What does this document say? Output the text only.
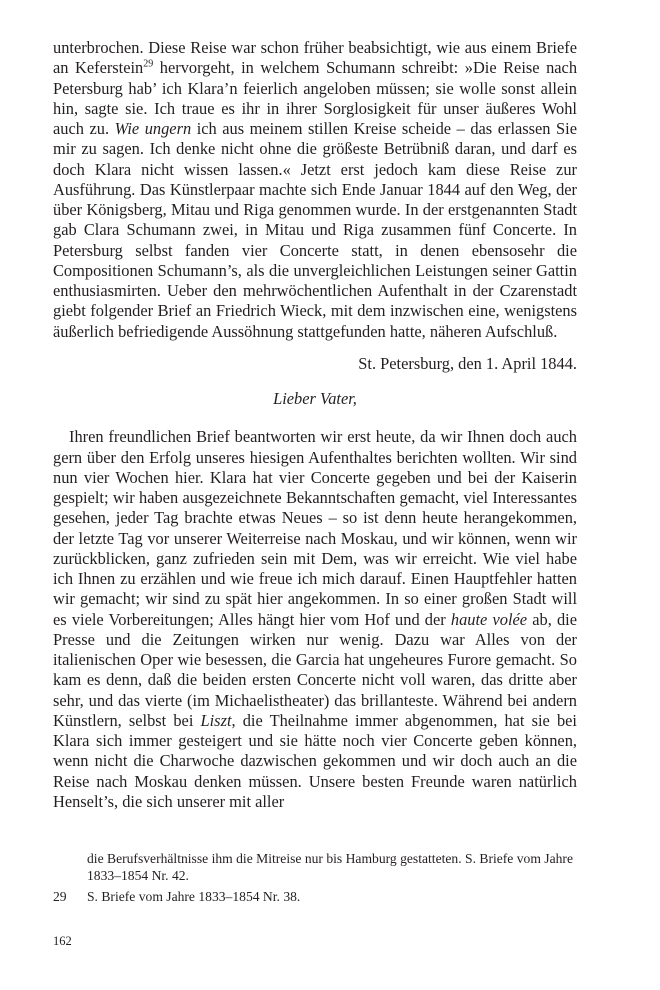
unterbrochen. Diese Reise war schon früher beabsichtigt, wie aus einem Briefe an Keferstein$^{29}$ hervorgeht, in welchem Schumann schreibt: »Die Reise nach Petersburg hab’ ich Klara’n feierlich angeloben müssen; sie wolle sonst allein hin, sagte sie. Ich traue es ihr in ihrer Sorglosigkeit für unser äußeres Wohl auch zu. Wie ungern ich aus meinem stillen Kreise scheide – das erlassen Sie mir zu sagen. Ich denke nicht ohne die größeste Betrübniß daran, und darf es doch Klara nicht wissen lassen.« Jetzt erst jedoch kam diese Reise zur Ausführung. Das Künstlerpaar machte sich Ende Januar 1844 auf den Weg, der über Königsberg, Mitau und Riga genommen wurde. In der erstgenannten Stadt gab Clara Schumann zwei, in Mitau und Riga zusammen fünf Concerte. In Petersburg selbst fanden vier Concerte statt, in denen ebensosehr die Compositionen Schumann’s, als die unvergleichlichen Leistungen seiner Gattin enthusiasmirten. Ueber den mehrwöchentlichen Aufenthalt in der Czarenstadt giebt folgender Brief an Friedrich Wieck, mit dem inzwischen eine, wenigstens äußerlich befriedigende Aussöhnung stattgefunden hatte, näheren Aufschluß.

St. Petersburg, den 1. April 1844.

Lieber Vater,

Ihren freundlichen Brief beantworten wir erst heute, da wir Ihnen doch auch gern über den Erfolg unseres hiesigen Aufenthaltes berichten wollten. Wir sind nun vier Wochen hier. Klara hat vier Concerte gegeben und bei der Kaiserin gespielt; wir haben ausgezeichnete Bekanntschaften gemacht, viel Interessantes gesehen, jeder Tag brachte etwas Neues – so ist denn heute herangekommen, der letzte Tag vor unserer Weiterreise nach Moskau, und wir können, wenn wir zurückblicken, ganz zufrieden sein mit Dem, was wir erreicht. Wie viel habe ich Ihnen zu erzählen und wie freue ich mich darauf. Einen Hauptfehler hatten wir gemacht; wir sind zu spät hier angekommen. In so einer großen Stadt will es viele Vorbereitungen; Alles hängt hier vom Hof und der haute volée ab, die Presse und die Zeitungen wirken nur wenig. Dazu war Alles von der italienischen Oper wie besessen, die Garcia hat ungeheures Furore gemacht. So kam es denn, daß die beiden ersten Concerte nicht voll waren, das dritte aber sehr, und das vierte (im Michaelistheater) das brillanteste. Während bei andern Künstlern, selbst bei Liszt, die Theilnahme immer abgenommen, hat sie bei Klara sich immer gesteigert und sie hätte noch vier Concerte geben können, wenn nicht die Charwoche dazwischen gekommen und wir doch auch an die Reise nach Moskau denken müssen. Unsere besten Freunde waren natürlich Henselt’s, die sich unserer mit aller

die Berufsverhältnisse ihm die Mitreise nur bis Hamburg gestatteten. S. Briefe vom Jahre 1833–1854 Nr. 42.

29	S. Briefe vom Jahre 1833–1854 Nr. 38.
162
